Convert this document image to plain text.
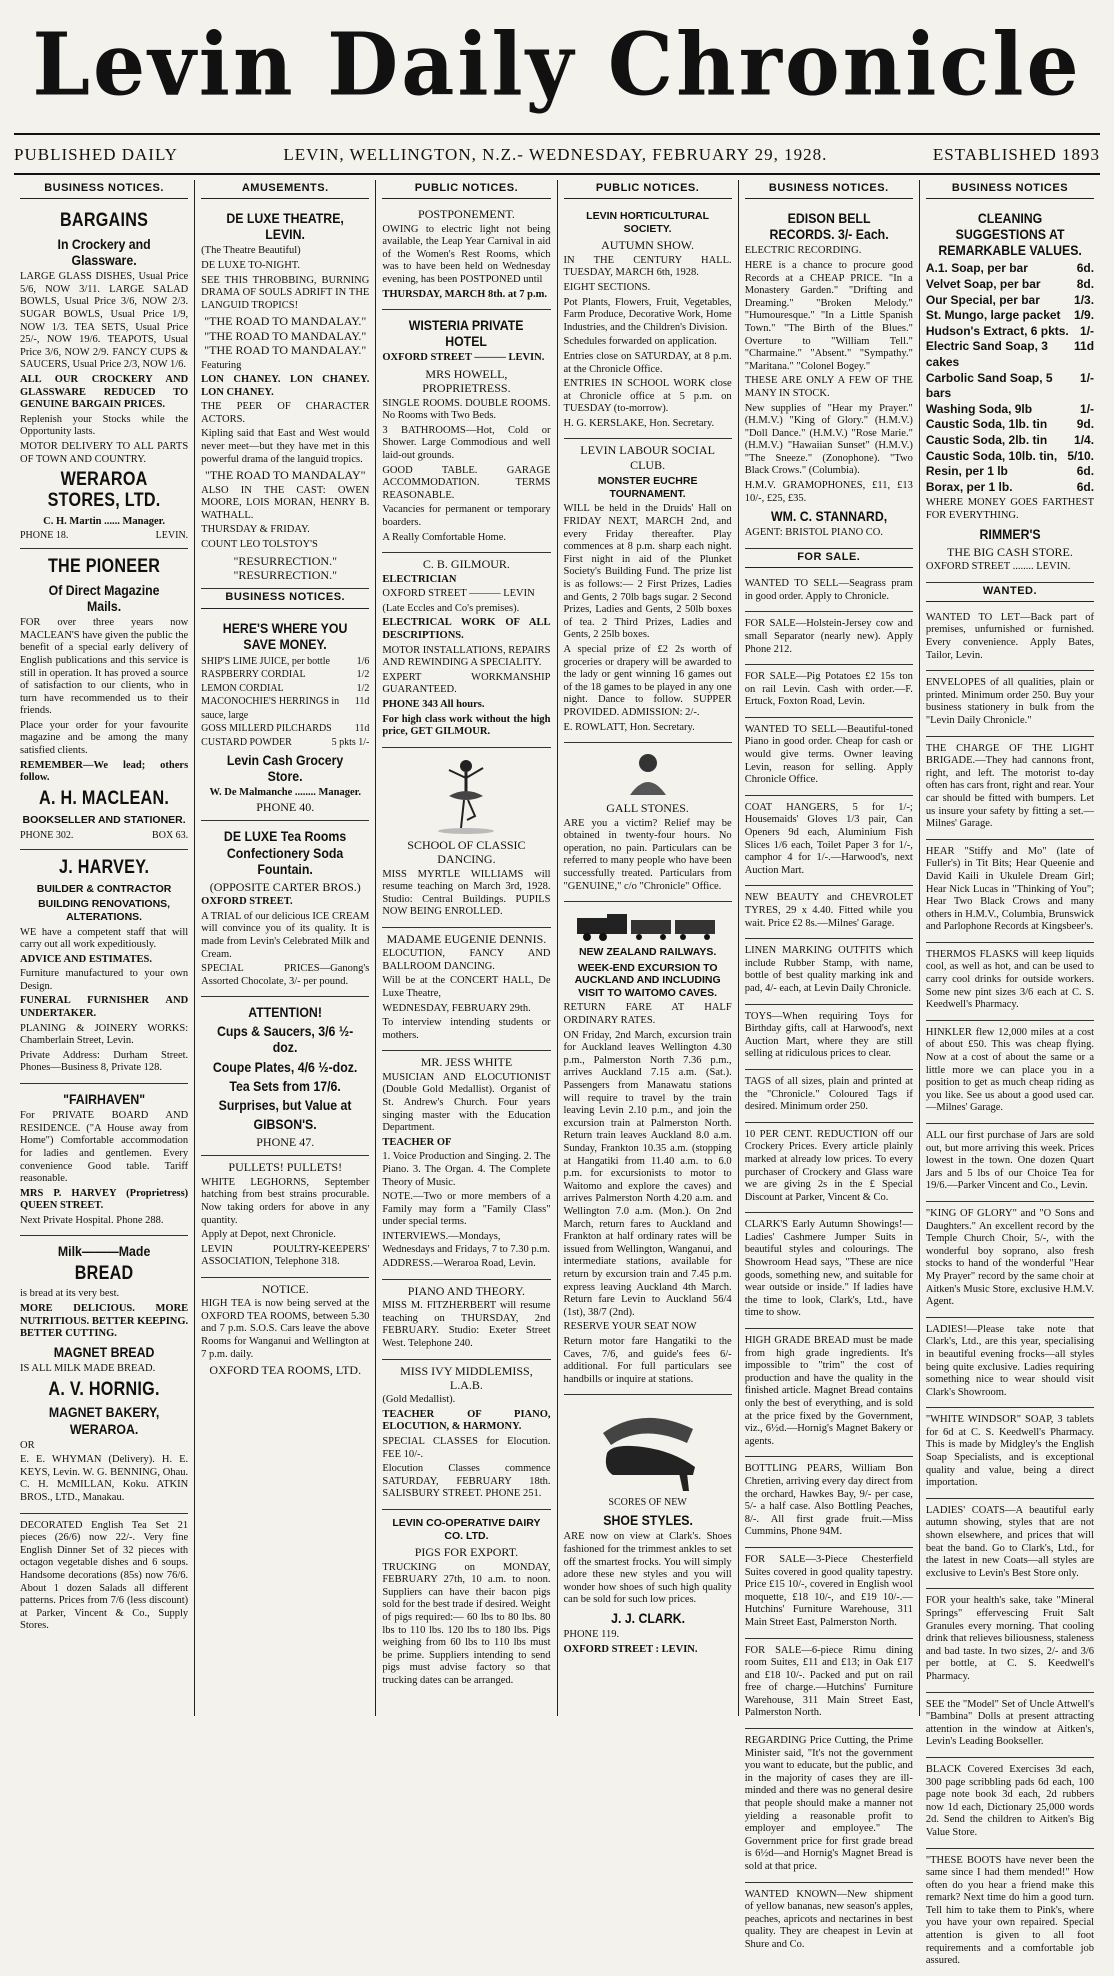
Levin Daily Chronicle
PUBLISHED DAILY	LEVIN, WELLINGTON, N.Z.- WEDNESDAY, FEBRUARY 29, 1928.	ESTABLISHED 1893
BUSINESS NOTICES.
BARGAINS
In Crockery and Glassware.

LARGE GLASS DISHES, Usual Price 5/6, NOW 3/11. LARGE SALAD BOWLS, Usual Price 3/6, NOW 2/3. SUGAR BOWLS, Usual Price 1/9, NOW 1/3. TEA SETS, Usual Price 25/-, NOW 19/6. TEAPOTS, Usual Price 3/6, NOW 2/9. FANCY CUPS & SAUCERS, Usual Price 2/3, NOW 1/6.

ALL OUR CROCKERY AND GLASSWARE REDUCED TO GENUINE BARGAIN PRICES.

Replenish your Stocks while the Opportunity lasts.

MOTOR DELIVERY TO ALL PARTS OF TOWN AND COUNTRY.

WERAROA STORES, LTD.
C. H. Martin ...... Manager.
PHONE 18.	LEVIN.
THE PIONEER
Of Direct Magazine Mails.

FOR over three years now MACLEAN'S have given the public the benefit of a special early delivery of English publications and this service is still in operation. It has proved a source of satisfaction to our clients, who in turn have recommended us to their friends.

Place your order for your favourite magazine and be among the many satisfied clients.

REMEMBER—We lead; others follow.

A. H. MACLEAN.
BOOKSELLER AND STATIONER.
PHONE 302.	BOX 63.
J. HARVEY.
BUILDER & CONTRACTOR
BUILDING RENOVATIONS, ALTERATIONS.

WE have a competent staff that will carry out all work expeditiously.

ADVICE AND ESTIMATES.

Furniture manufactured to your own Design.

FUNERAL FURNISHER AND UNDERTAKER.

PLANING & JOINERY WORKS: Chamberlain Street, Levin.

Private Address: Durham Street. Phones—Business 8, Private 128.

"FAIRHAVEN"

For PRIVATE BOARD AND RESIDENCE. ("A House away from Home") Comfortable accommodation for ladies and gentlemen. Every convenience Good table. Tariff reasonable.

MRS P. HARVEY (Proprietress) QUEEN STREET.

Next Private Hospital. Phone 288.

Milk———Made
BREAD

is bread at its very best.

MORE DELICIOUS. MORE NUTRITIOUS. BETTER KEEPING. BETTER CUTTING.

MAGNET BREAD

IS ALL MILK MADE BREAD.

A. V. HORNIG.
MAGNET BAKERY, WERAROA.

OR

E. E. WHYMAN (Delivery). H. E. KEYS, Levin. W. G. BENNING, Ohau. C. H. McMILLAN, Koku. ATKIN BROS., LTD., Manakau.

DECORATED English Tea Set 21 pieces (26/6) now 22/-. Very fine English Dinner Set of 32 pieces with octagon vegetable dishes and 6 soups. Handsome decorations (85s) now 76/6. About 1 dozen Salads all different patterns. Prices from 7/6 (less discount) at Parker, Vincent & Co., Supply Stores.

AMUSEMENTS.
DE LUXE THEATRE, LEVIN.

(The Theatre Beautiful)

DE LUXE TO-NIGHT.

SEE THIS THROBBING, BURNING DRAMA OF SOULS ADRIFT IN THE LANGUID TROPICS!

"THE ROAD TO MANDALAY."
"THE ROAD TO MANDALAY."
"THE ROAD TO MANDALAY."

Featuring

LON CHANEY. LON CHANEY. LON CHANEY.

THE PEER OF CHARACTER ACTORS.

Kipling said that East and West would never meet—but they have met in this powerful drama of the languid tropics.

"THE ROAD TO MANDALAY"

ALSO IN THE CAST: OWEN MOORE, LOIS MORAN, HENRY B. WATHALL.

THURSDAY & FRIDAY.

COUNT LEO TOLSTOY'S

"RESURRECTION."
"RESURRECTION."
BUSINESS NOTICES.
HERE'S WHERE YOU SAVE MONEY.
SHIP'S LIME JUICE, per bottle	1/6
RASPBERRY CORDIAL	1/2
LEMON CORDIAL	1/2
MACONOCHIE'S HERRINGS in sauce, large
11d
GOSS MILLERD PILCHARDS 11d
CUSTARD POWDER	5 pkts 1/-
Levin Cash Grocery Store.
W. De Malmanche ........ Manager.
PHONE 40.
DE LUXE Tea Rooms Confectionery Soda Fountain.
(OPPOSITE CARTER BROS.)

OXFORD STREET.

A TRIAL of our delicious ICE CREAM will convince you of its quality. It is made from Levin's Celebrated Milk and Cream.

SPECIAL PRICES—Ganong's Assorted Chocolate, 3/- per pound.

ATTENTION!
Cups & Saucers, 3/6 ½-doz.
Coupe Plates, 4/6 ½-doz.
Tea Sets from 17/6.
Surprises, but Value at
GIBSON'S.
PHONE 47.
PULLETS! PULLETS!

WHITE LEGHORNS, September hatching from best strains procurable. Now taking orders for above in any quantity.

Apply at Depot, next Chronicle.

LEVIN POULTRY-KEEPERS' ASSOCIATION, Telephone 318.

NOTICE.

HIGH TEA is now being served at the OXFORD TEA ROOMS, between 5.30 and 7 p.m. S.O.S. Cars leave the above Rooms for Wanganui and Wellington at 7 p.m. daily.

OXFORD TEA ROOMS, LTD.
PUBLIC NOTICES.
POSTPONEMENT.

OWING to electric light not being available, the Leap Year Carnival in aid of the Women's Rest Rooms, which was to have been held on Wednesday evening, has been POSTPONED until

THURSDAY, MARCH 8th. at 7 p.m.

WISTERIA PRIVATE HOTEL

OXFORD STREET ——— LEVIN.

MRS HOWELL, PROPRIETRESS.

SINGLE ROOMS. DOUBLE ROOMS. No Rooms with Two Beds.

3 BATHROOMS—Hot, Cold or Shower. Large Commodious and well laid-out grounds.

GOOD TABLE. GARAGE ACCOMMODATION. TERMS REASONABLE.

Vacancies for permanent or temporary boarders.

A Really Comfortable Home.

C. B. GILMOUR.

ELECTRICIAN

OXFORD STREET ——— LEVIN

(Late Eccles and Co's premises).

ELECTRICAL WORK OF ALL DESCRIPTIONS.

MOTOR INSTALLATIONS, REPAIRS AND REWINDING A SPECIALITY.

EXPERT WORKMANSHIP GUARANTEED.

PHONE 343 All hours.

For high class work without the high price, GET GILMOUR.

SCHOOL OF CLASSIC DANCING.

MISS MYRTLE WILLIAMS will resume teaching on March 3rd, 1928. Studio: Central Buildings. PUPILS NOW BEING ENROLLED.

MADAME EUGENIE DENNIS.

ELOCUTION, FANCY AND BALLROOM DANCING.

Will be at the CONCERT HALL, De Luxe Theatre,

WEDNESDAY, FEBRUARY 29th.

To interview intending students or mothers.

MR. JESS WHITE

MUSICIAN AND ELOCUTIONIST (Double Gold Medallist). Organist of St. Andrew's Church. Four years singing master with the Education Department.

TEACHER OF

1. Voice Production and Singing. 2. The Piano. 3. The Organ. 4. The Complete Theory of Music.

NOTE.—Two or more members of a Family may form a "Family Class" under special terms.

INTERVIEWS.—Mondays, Wednesdays and Fridays, 7 to 7.30 p.m.

ADDRESS.—Weraroa Road, Levin.

PIANO AND THEORY.

MISS M. FITZHERBERT will resume teaching on THURSDAY, 2nd FEBRUARY. Studio: Exeter Street West. Telephone 240.

MISS IVY MIDDLEMISS, L.A.B.

(Gold Medallist).

TEACHER OF PIANO, ELOCUTION, & HARMONY.

SPECIAL CLASSES for Elocution. FEE 10/-.

Elocution Classes commence SATURDAY, FEBRUARY 18th. SALISBURY STREET. PHONE 251.

LEVIN CO-OPERATIVE DAIRY CO. LTD.
PIGS FOR EXPORT.

TRUCKING on MONDAY, FEBRUARY 27th, 10 a.m. to noon. Suppliers can have their bacon pigs sold for the best trade if desired. Weight of pigs required:— 60 lbs to 80 lbs. 80 lbs to 110 lbs. 120 lbs to 180 lbs. Pigs weighing from 60 lbs to 110 lbs must be prime. Suppliers intending to send pigs must advise factory so that trucking dates can be arranged.

PUBLIC NOTICES.
LEVIN HORTICULTURAL SOCIETY.
AUTUMN SHOW.

IN THE CENTURY HALL. TUESDAY, MARCH 6th, 1928.

EIGHT SECTIONS.

Pot Plants, Flowers, Fruit, Vegetables, Farm Produce, Decorative Work, Home Industries, and the Children's Division.

Schedules forwarded on application.

Entries close on SATURDAY, at 8 p.m. at the Chronicle Office.

ENTRIES IN SCHOOL WORK close at Chronicle office at 5 p.m. on TUESDAY (to-morrow).

H. G. KERSLAKE, Hon. Secretary.

LEVIN LABOUR SOCIAL CLUB.
MONSTER EUCHRE TOURNAMENT.

WILL be held in the Druids' Hall on FRIDAY NEXT, MARCH 2nd, and every Friday thereafter. Play commences at 8 p.m. sharp each night. First night in aid of the Plunket Society's Building Fund. The prize list is as follows:— 2 First Prizes, Ladies and Gents, 2 70lb bags sugar. 2 Second Prizes, Ladies and Gents, 2 50lb boxes of tea. 2 Third Prizes, Ladies and Gents, 2 25lb boxes.

A special prize of £2 2s worth of groceries or drapery will be awarded to the lady or gent winning 16 games out of the 18 games to be played in any one night. Dance to follow. SUPPER PROVIDED. ADMISSION: 2/-.

E. ROWLATT, Hon. Secretary.

GALL STONES.

ARE you a victim? Relief may be obtained in twenty-four hours. No operation, no pain. Particulars can be referred to many people who have been successfully treated. Particulars from "GENUINE," c/o "Chronicle" Office.

NEW ZEALAND RAILWAYS.
WEEK-END EXCURSION TO AUCKLAND AND INCLUDING VISIT TO WAITOMO CAVES.

RETURN FARE AT HALF ORDINARY RATES.

ON Friday, 2nd March, excursion train for Auckland leaves Wellington 4.30 p.m., Palmerston North 7.36 p.m., arrives Auckland 7.15 a.m. (Sat.). Passengers from Manawatu stations will require to travel by the train leaving Levin 2.10 p.m., and join the excursion train at Palmerston North. Return train leaves Auckland 8.0 a.m. Sunday, Frankton 10.35 a.m. (stopping at Hangatiki from 11.40 a.m. to 6.0 p.m. for excursionists to motor to Waitomo and explore the caves) and arrives Palmerston North 4.20 a.m. and Wellington 7.0 a.m. (Mon.). On 2nd March, return fares to Auckland and Frankton at half ordinary rates will be issued from Wellington, Wanganui, and intermediate stations, available for return by excursion train and 7.45 p.m. express leaving Auckland 4th March. Return fare Levin to Auckland 56/4 (1st), 38/7 (2nd).

RESERVE YOUR SEAT NOW

Return motor fare Hangatiki to the Caves, 7/6, and guide's fees 6/- additional. For full particulars see handbills or inquire at stations.

SCORES OF NEW
SHOE STYLES.

ARE now on view at Clark's. Shoes fashioned for the trimmest ankles to set off the smartest frocks. You will simply adore these new styles and you will wonder how shoes of such high quality can be sold for such low prices.

J. J. CLARK.

PHONE 119.

OXFORD STREET : LEVIN.

BUSINESS NOTICES.
EDISON BELL RECORDS. 3/- Each.

ELECTRIC RECORDING.

HERE is a chance to procure good Records at a CHEAP PRICE. "In a Monastery Garden." "Drifting and Dreaming." "Broken Melody." "Humouresque." "In a Little Spanish Town." "The Birth of the Blues." Overture to "William Tell." "Charmaine." "Absent." "Sympathy." "Maritana." "Colonel Bogey."

THESE ARE ONLY A FEW OF THE MANY IN STOCK.

New supplies of "Hear my Prayer." (H.M.V.) "King of Glory." (H.M.V.) "Doll Dance." (H.M.V.) "Rose Marie." (H.M.V.) "Hawaiian Sunset" (H.M.V.) "The Sneeze." (Zonophone). "Two Black Crows." (Columbia).

H.M.V. GRAMOPHONES, £11, £13 10/-, £25, £35.

WM. C. STANNARD,

AGENT: BRISTOL PIANO CO.

FOR SALE.

WANTED TO SELL—Seagrass pram in good order. Apply to Chronicle.

FOR SALE—Holstein-Jersey cow and small Separator (nearly new). Apply Phone 212.

FOR SALE—Pig Potatoes £2 15s ton on rail Levin. Cash with order.—F. Ertuck, Foxton Road, Levin.

WANTED TO SELL—Beautiful-toned Piano in good order. Cheap for cash or would give terms. Owner leaving Levin, reason for selling. Apply Chronicle Office.

COAT HANGERS, 5 for 1/-; Housemaids' Gloves 1/3 pair, Can Openers 9d each, Aluminium Fish Slices 1/6 each, Toilet Paper 3 for 1/-, camphor 4 for 1/-.—Harwood's, next Auction Mart.

NEW BEAUTY and CHEVROLET TYRES, 29 x 4.40. Fitted while you wait. Price £2 8s.—Milnes' Garage.

LINEN MARKING OUTFITS which include Rubber Stamp, with name, bottle of best quality marking ink and pad, 4/- each, at Levin Daily Chronicle.

TOYS—When requiring Toys for Birthday gifts, call at Harwood's, next Auction Mart, where they are still selling at ridiculous prices to clear.

TAGS of all sizes, plain and printed at the "Chronicle." Coloured Tags if desired. Minimum order 250.

10 PER CENT. REDUCTION off our Crockery Prices. Every article plainly marked at already low prices. To every purchaser of Crockery and Glass ware we are giving 2s in the £ Special Discount at Parker, Vincent & Co.

CLARK'S Early Autumn Showings!—Ladies' Cashmere Jumper Suits in beautiful styles and colourings. The Showroom Head says, "These are nice goods, something new, and suitable for wear outside or inside." If ladies have the time to look, Clark's, Ltd., have time to show.

HIGH GRADE BREAD must be made from high grade ingredients. It's impossible to "trim" the cost of production and have the quality in the finished article. Magnet Bread contains only the best of everything, and is sold at the price fixed by the Government, viz., 6½d.—Hornig's Magnet Bakery or agents.

BOTTLING PEARS, William Bon Chretien, arriving every day direct from the orchard, Hawkes Bay, 9/- per case, 5/- a half case. Also Bottling Peaches, 8/-. All first grade fruit.—Miss Cummins, Phone 94M.

FOR SALE—3-Piece Chesterfield Suites covered in good quality tapestry. Price £15 10/-, covered in English wool moquette, £18 10/-, and £19 10/-.—Hutchins' Furniture Warehouse, 311 Main Street East, Palmerston North.

FOR SALE—6-piece Rimu dining room Suites, £11 and £13; in Oak £17 and £18 10/-. Packed and put on rail free of charge.—Hutchins' Furniture Warehouse, 311 Main Street East, Palmerston North.

REGARDING Price Cutting, the Prime Minister said, "It's not the government you want to educate, but the public, and in the majority of cases they are ill-minded and there was no general desire that people should make a manner not yielding a reasonable profit to employer and employee." The Government price for first grade bread is 6½d—and Hornig's Magnet Bread is sold at that price.

WANTED KNOWN—New shipment of yellow bananas, new season's apples, peaches, apricots and nectarines in best quality. They are cheapest in Levin at Shure and Co.

BUSINESS NOTICES
CLEANING SUGGESTIONS AT REMARKABLE VALUES.
A.1. Soap, per bar	6d.
Velvet Soap, per bar	8d.
Our Special, per bar	1/3.
St. Mungo, large packet 1/9.
Hudson's Extract, 6 pkts. 1/-
Electric Sand Soap, 3 cakes
11d
Carbolic Sand Soap, 5 bars
1/-
Washing Soda, 9lb	1/-
Caustic Soda, 1lb. tin 9d.
Caustic Soda, 2lb. tin 1/4.
Caustic Soda, 10lb. tin, 5/10.
Resin, per 1 lb	6d.
Borax, per 1 lb.	6d.

WHERE MONEY GOES FARTHEST FOR EVERYTHING.

RIMMER'S
THE BIG CASH STORE.

OXFORD STREET ........ LEVIN.

WANTED.

WANTED TO LET—Back part of premises, unfurnished or furnished. Every convenience. Apply Bates, Tailor, Levin.

ENVELOPES of all qualities, plain or printed. Minimum order 250. Buy your business stationery in bulk from the "Levin Daily Chronicle."

THE CHARGE OF THE LIGHT BRIGADE.—They had cannons front, right, and left. The motorist to-day often has cars front, right and rear. Your car should be fitted with bumpers. Let us insure your safety by fitting a set.—Milnes' Garage.

HEAR "Stiffy and Mo" (late of Fuller's) in Tit Bits; Hear Queenie and David Kaili in Ukulele Dream Girl; Hear Nick Lucas in "Thinking of You"; Hear Two Black Crows and many others in H.M.V., Columbia, Brunswick and Parlophone Records at Kingsbeer's.

THERMOS FLASKS will keep liquids cool, as well as hot, and can be used to carry cool drinks for outside workers. Some new pint sizes 3/6 each at C. S. Keedwell's Pharmacy.

HINKLER flew 12,000 miles at a cost of about £50. This was cheap flying. Now at a cost of about the same or a little more we can place you in a position to get as much cheap riding as you like. See us about a good used car.—Milnes' Garage.

ALL our first purchase of Jars are sold out, but more arriving this week. Prices lowest in the town. One dozen Quart Jars and 5 lbs of our Choice Tea for 19/6.—Parker Vincent and Co., Levin.

"KING OF GLORY" and "O Sons and Daughters." An excellent record by the Temple Church Choir, 5/-, with the wonderful boy soprano, also fresh stocks to hand of the wonderful "Hear My Prayer" record by the same choir at Aitken's Music Store, exclusive H.M.V. Agent.

LADIES!—Please take note that Clark's, Ltd., are this year, specialising in beautiful evening frocks—all styles being quite exclusive. Ladies requiring something nice to wear should visit Clark's Showroom.

"WHITE WINDSOR" SOAP, 3 tablets for 6d at C. S. Keedwell's Pharmacy. This is made by Midgley's the English Soap Specialists, and is exceptional quality and value, being a direct importation.

LADIES' COATS—A beautiful early autumn showing, styles that are not shown elsewhere, and prices that will beat the band. Go to Clark's, Ltd., for the latest in new Coats—all styles are exclusive to Levin's Best Store only.

FOR your health's sake, take "Mineral Springs" effervescing Fruit Salt Granules every morning. That cooling drink that relieves biliousness, staleness and bad taste. In two sizes, 2/- and 3/6 per bottle, at C. S. Keedwell's Pharmacy.

SEE the "Model" Set of Uncle Attwell's "Bambina" Dolls at present attracting attention in the window at Aitken's, Levin's Leading Bookseller.

BLACK Covered Exercises 3d each, 300 page scribbling pads 6d each, 100 page note book 3d each, 2d rubbers now 1d each, Dictionary 25,000 words 2d. Send the children to Aitken's Big Value Store.

"THESE BOOTS have never been the same since I had them mended!" How often do you hear a friend make this remark? Next time do him a good turn. Tell him to take them to Pink's, where you have your own repaired. Special attention is given to all foot requirements and a comfortable job assured.
